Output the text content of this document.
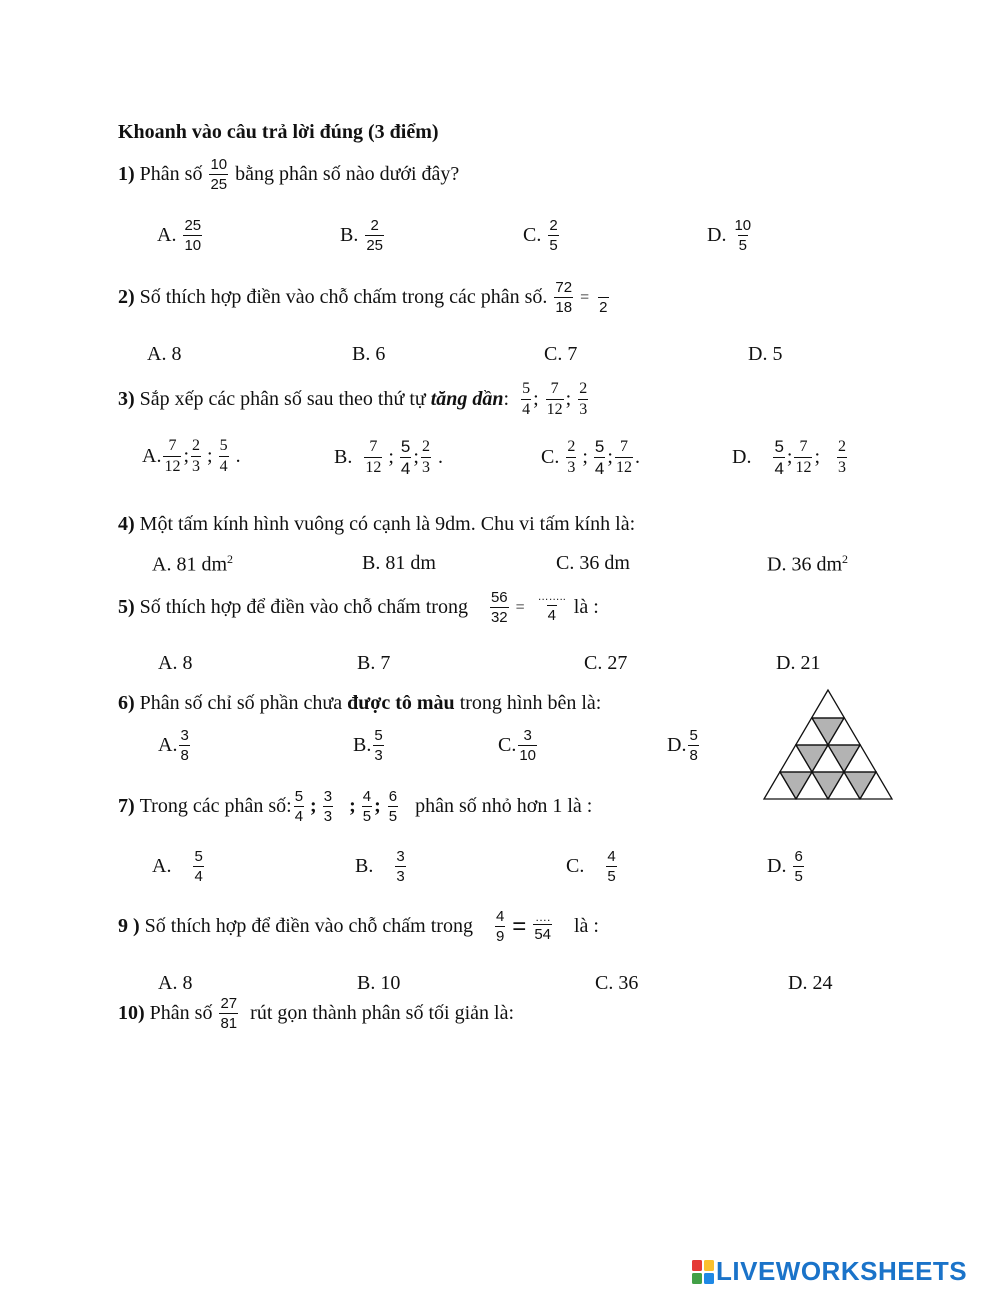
Khoanh vào câu trả lời đúng (3 điểm)
1)
Phân số
$\frac{10}{25}$
bằng phân số nào dưới đây?
A.
$\frac{25}{10}$	B.
$\frac{2}{25}$	C.
$\frac{2}{5}$	D.
$\frac{10}{5}$
2)
Số thích hợp điền vào chỗ chấm trong các phân số.
$\frac{72}{18}$
=

2
A. 8	B. 6	C. 7	D. 5
3)
Sắp xếp các phân số sau theo thứ tự
tăng dần :
$\frac{5}{4}$ ;
$\frac{7}{12}$ ;
$\frac{2}{3}$
A. $\frac{7}{12}$ ; $\frac{2}{3}$ ; $\frac{5}{4}$
.	B.
$\frac{7}{12}$ ; $\frac{5}{4}$ ; $\frac{2}{3}$
.	C.
$\frac{2}{3}$ ; $\frac{5}{4}$ ; $\frac{7}{12}$ .	D.
$\frac{5}{4}$ ; $\frac{7}{12}$ ;
$\frac{2}{3}$
4)
Một tấm kính hình vuông có cạnh là 9dm. Chu vi tấm kính là:
A. 81 $dm^2$	B. 81 dm	C. 36 dm	D. 36 $dm^2$
5)
Số thích hợp để điền vào chỗ chấm trong
$\frac{56}{32}$
=
$\frac{\dots\dots..}{4}$
là :
A. 8	B. 7	C. 27	D. 21
6)
Phân số chỉ số phần chưa
được tô màu
trong hình bên là:
A. $\frac{3}{8}$	B. $\frac{5}{3}$	C. $\frac{3}{10}$	D. $\frac{5}{8}$
7)
Trong các phân số: $\frac{5}{4}$ ; $\frac{3}{3}$
; $\frac{4}{5}$ ;
$\frac{6}{5}$
phân số nhỏ hơn 1 là :
A.
$\frac{5}{4}$	B.
$\frac{3}{3}$	C.
$\frac{4}{5}$	D.
$\frac{6}{5}$
9 )
Số thích hợp để điền vào chỗ chấm trong
$\frac{4}{9}$
=
$\frac{\dots.}{54}$
là :
A. 8	B. 10	C. 36	D. 24
10)
Phân số
$\frac{27}{81}$
rút gọn thành phân số tối giản là:
LIVEWORKSHEETS
